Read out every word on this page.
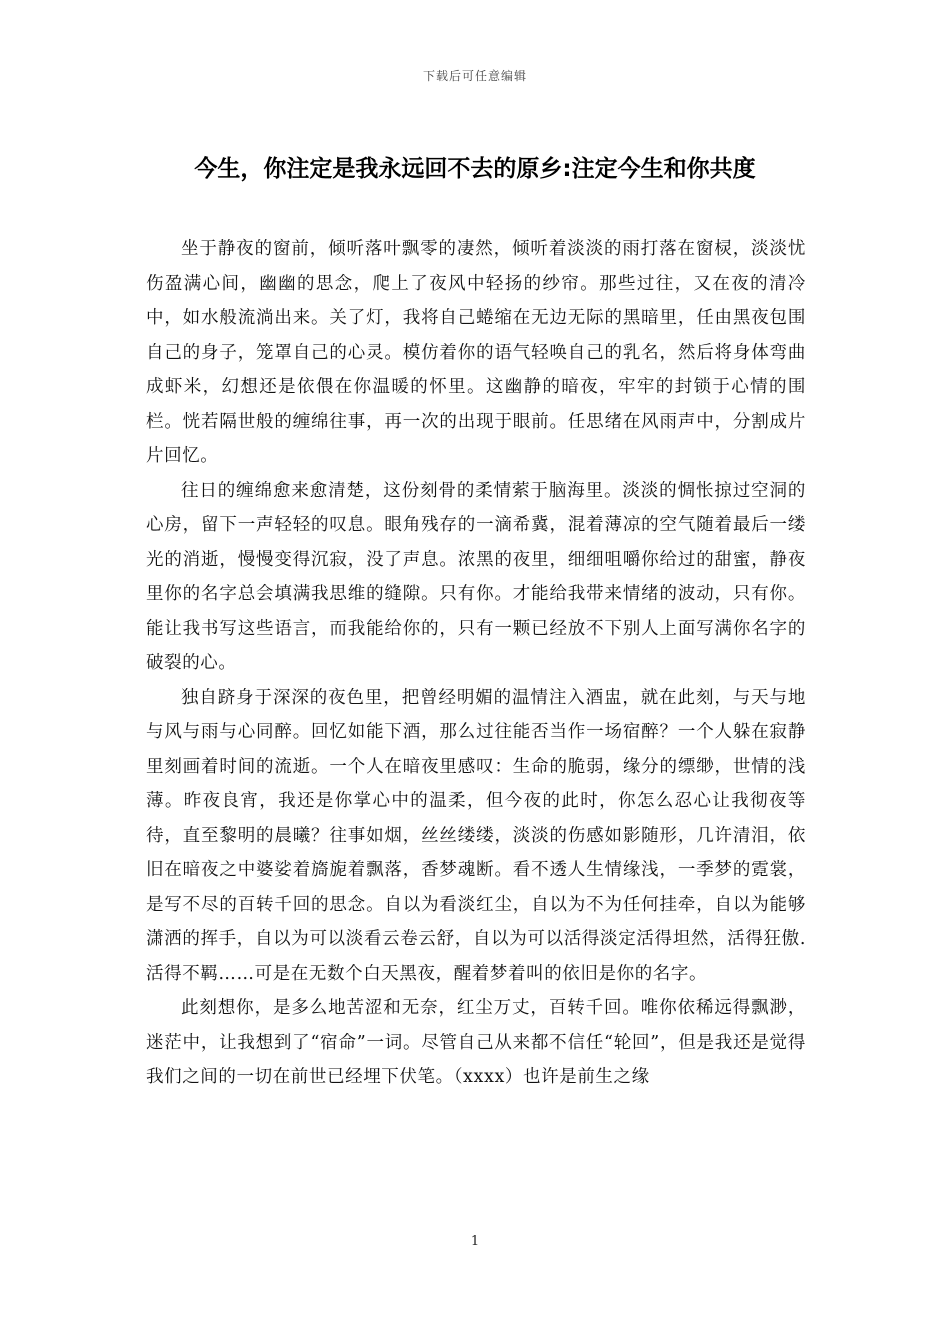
下载后可任意编辑
今生，你注定是我永远回不去的原乡:注定今生和你共度

坐于静夜的窗前，倾听落叶飘零的凄然，倾听着淡淡的雨打落在窗棂，淡淡忧伤盈满心间，幽幽的思念，爬上了夜风中轻扬的纱帘。那些过往，又在夜的清冷中，如水般流淌出来。关了灯，我将自己蜷缩在无边无际的黑暗里，任由黑夜包围自己的身子，笼罩自己的心灵。模仿着你的语气轻唤自己的乳名，然后将身体弯曲成虾米，幻想还是依偎在你温暖的怀里。这幽静的暗夜，牢牢的封锁于心情的围栏。恍若隔世般的缠绵往事，再一次的出现于眼前。任思绪在风雨声中，分割成片片回忆。

往日的缠绵愈来愈清楚，这份刻骨的柔情萦于脑海里。淡淡的惆怅掠过空洞的心房，留下一声轻轻的叹息。眼角残存的一滴希冀，混着薄凉的空气随着最后一缕光的消逝，慢慢变得沉寂，没了声息。浓黑的夜里，细细咀嚼你给过的甜蜜，静夜里你的名字总会填满我思维的缝隙。只有你。才能给我带来情绪的波动，只有你。能让我书写这些语言，而我能给你的，只有一颗已经放不下别人上面写满你名字的破裂的心。

独自跻身于深深的夜色里，把曾经明媚的温情注入酒盅，就在此刻，与天与地与风与雨与心同醉。回忆如能下酒，那么过往能否当作一场宿醉？一个人躲在寂静里刻画着时间的流逝。一个人在暗夜里感叹：生命的脆弱，缘分的缥缈，世情的浅薄。昨夜良宵，我还是你掌心中的温柔，但今夜的此时，你怎么忍心让我彻夜等待，直至黎明的晨曦？往事如烟，丝丝缕缕，淡淡的伤感如影随形，几许清泪，依旧在暗夜之中婆娑着旖旎着飘落，香梦魂断。看不透人生情缘浅，一季梦的霓裳，是写不尽的百转千回的思念。自以为看淡红尘，自以为不为任何挂牵，自以为能够潇洒的挥手，自以为可以淡看云卷云舒，自以为可以活得淡定活得坦然，活得狂傲.活得不羁……可是在无数个白天黑夜，醒着梦着叫的依旧是你的名字。

此刻想你，是多么地苦涩和无奈，红尘万丈，百转千回。唯你依稀远得飘渺，迷茫中，让我想到了“宿命”一词。尽管自己从来都不信任“轮回”，但是我还是觉得我们之间的一切在前世已经埋下伏笔。（xxxx）也许是前生之缘

1
